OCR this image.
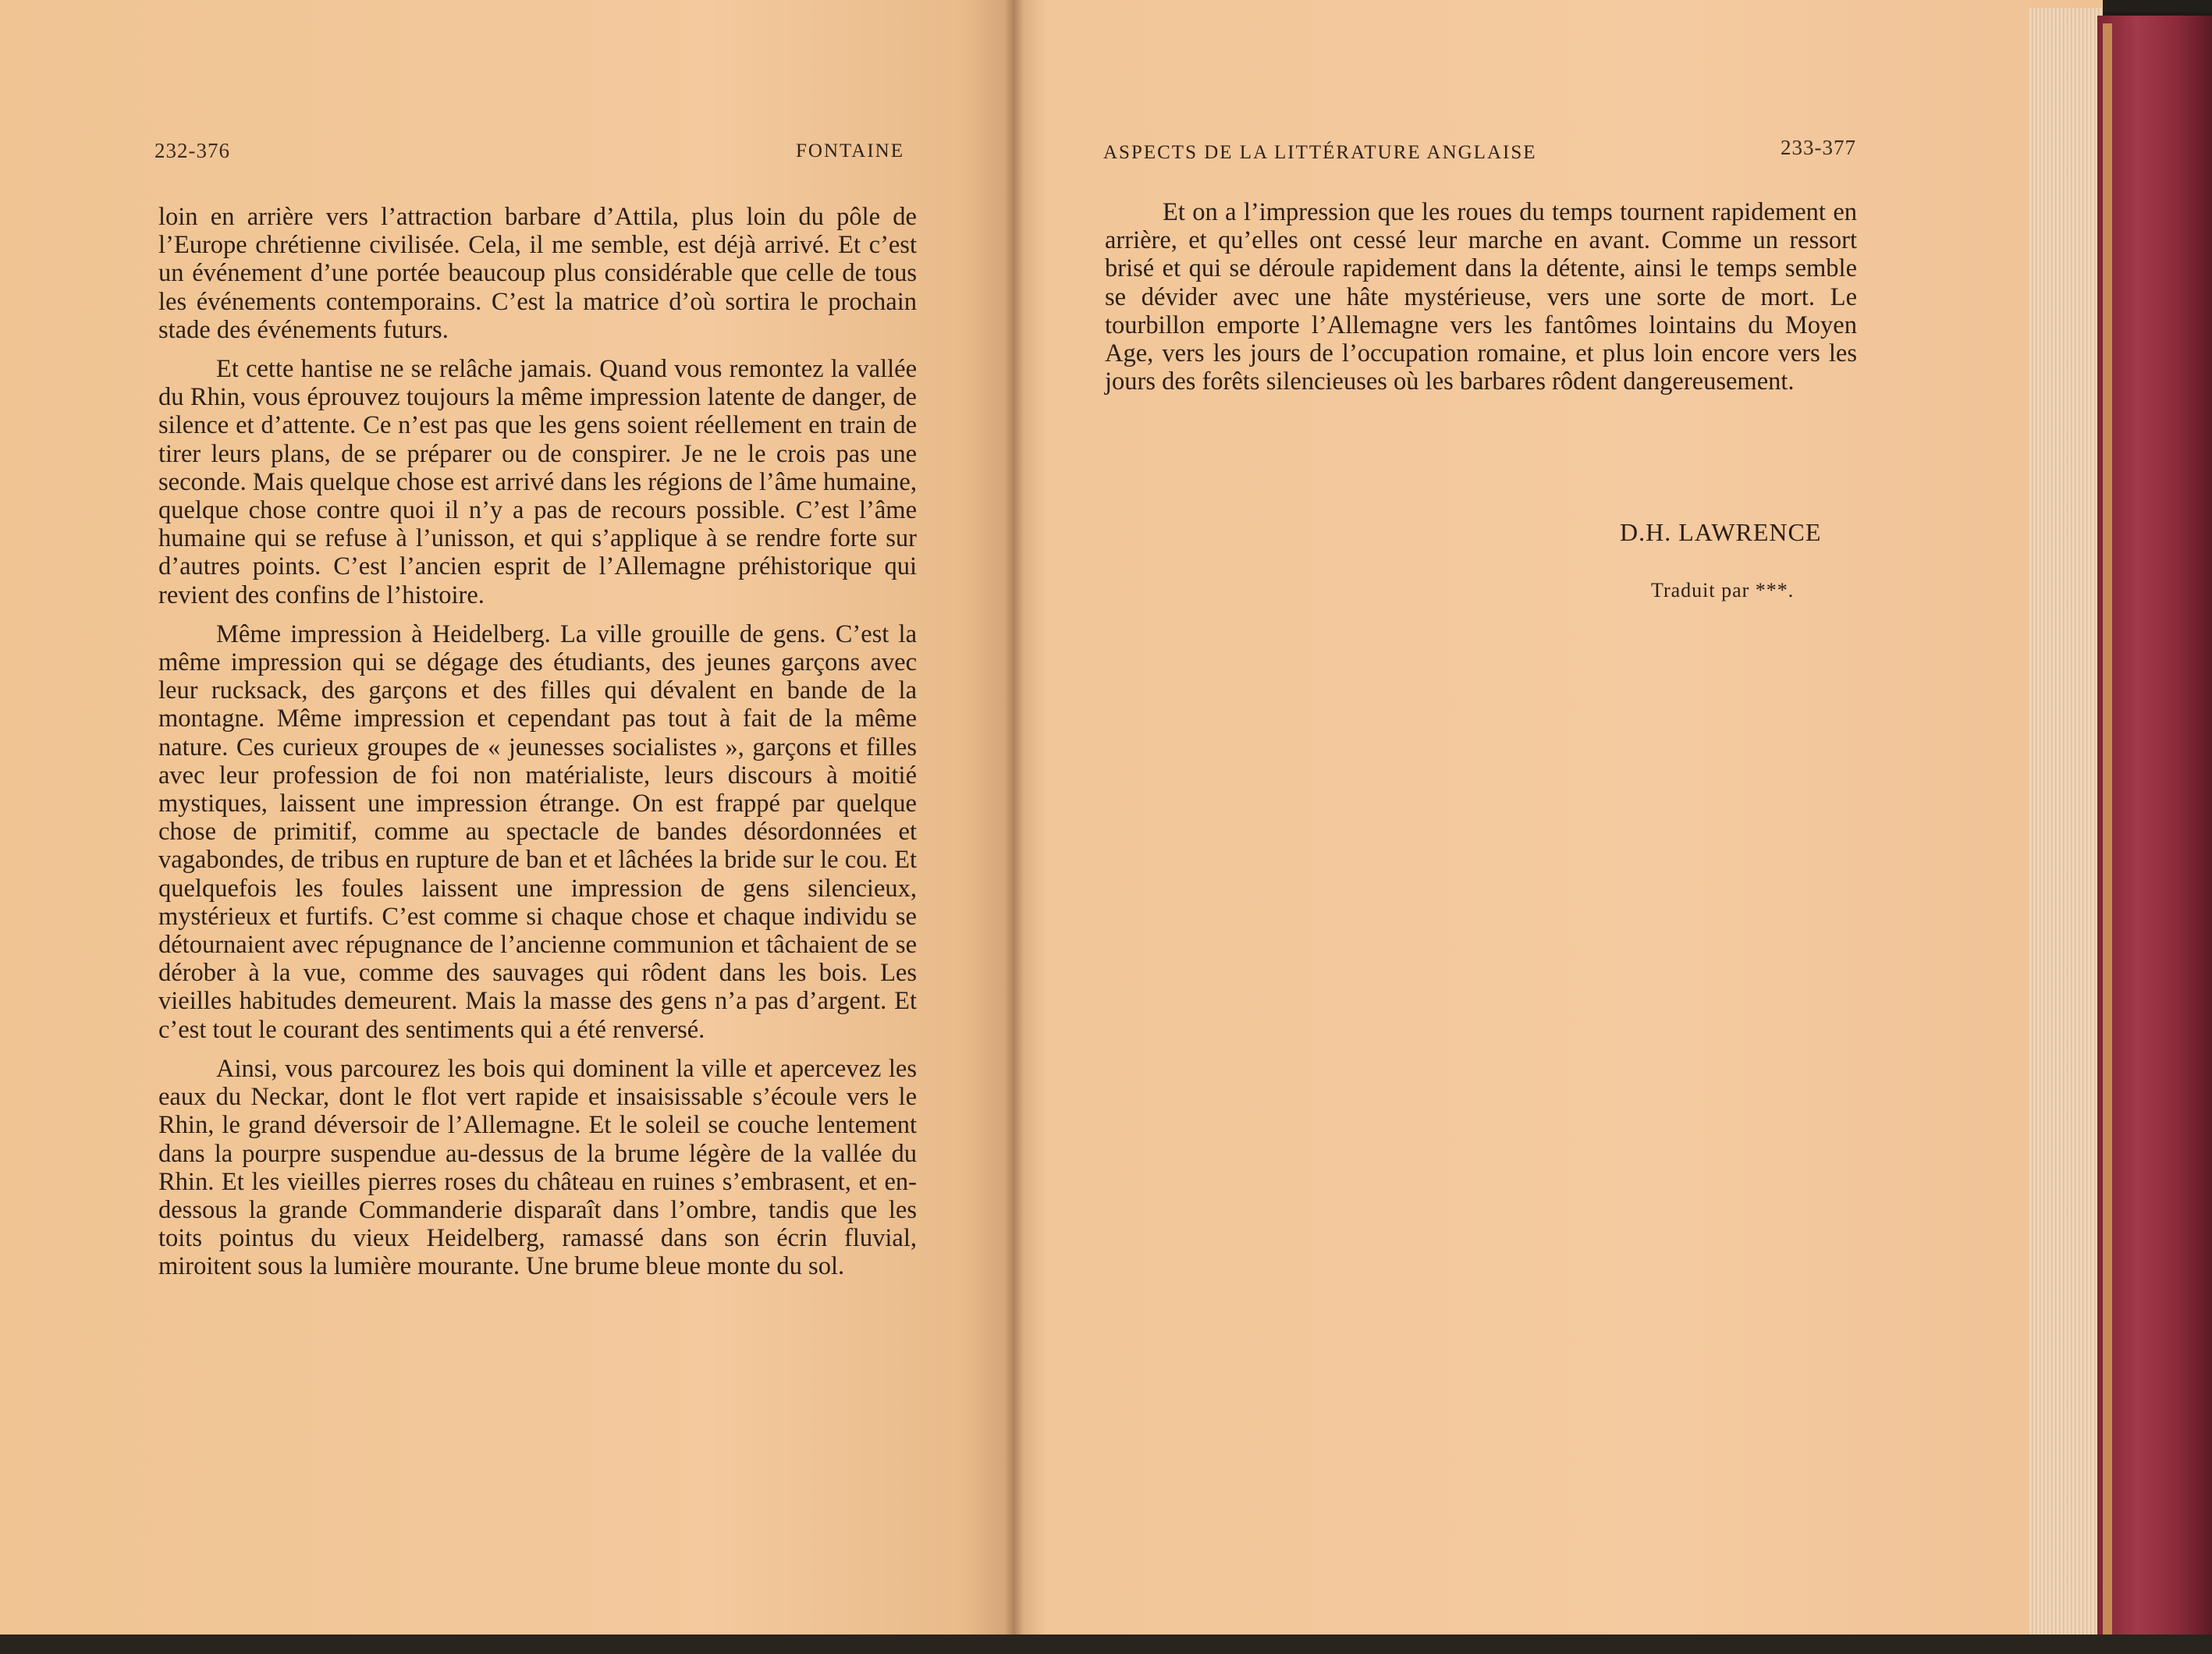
232-376	FONTAINE

loin en arrière vers l’attraction barbare d’Attila, plus loin du pôle de l’Europe chrétienne civilisée. Cela, il me semble, est déjà arrivé. Et c’est un événement d’une portée beaucoup plus considérable que celle de tous les événements contemporains. C’est la matrice d’où sortira le prochain stade des événements futurs.

Et cette hantise ne se relâche jamais. Quand vous remontez la vallée du Rhin, vous éprouvez toujours la même impression latente de danger, de silence et d’attente. Ce n’est pas que les gens soient réellement en train de tirer leurs plans, de se préparer ou de conspirer. Je ne le crois pas une seconde. Mais quelque chose est arrivé dans les régions de l’âme humaine, quelque chose contre quoi il n’y a pas de recours possible. C’est l’âme humaine qui se refuse à l’unisson, et qui s’applique à se rendre forte sur d’autres points. C’est l’ancien esprit de l’Allemagne préhistorique qui revient des confins de l’histoire.

Même impression à Heidelberg. La ville grouille de gens. C’est la même impression qui se dégage des étudiants, des jeunes garçons avec leur rucksack, des garçons et des filles qui dévalent en bande de la montagne. Même impression et cependant pas tout à fait de la même nature. Ces curieux groupes de « jeunesses socialistes », garçons et filles avec leur profession de foi non matérialiste, leurs discours à moitié mystiques, laissent une impression étrange. On est frappé par quelque chose de primitif, comme au spectacle de bandes désordonnées et vagabondes, de tribus en rupture de ban et et lâchées la bride sur le cou. Et quelquefois les foules laissent une impression de gens silencieux, mystérieux et furtifs. C’est comme si chaque chose et chaque individu se détournaient avec répugnance de l’ancienne communion et tâchaient de se dérober à la vue, comme des sauvages qui rôdent dans les bois. Les vieilles habitudes demeurent. Mais la masse des gens n’a pas d’argent. Et c’est tout le courant des sentiments qui a été renversé.

Ainsi, vous parcourez les bois qui dominent la ville et apercevez les eaux du Neckar, dont le flot vert rapide et insaisissable s’écoule vers le Rhin, le grand déversoir de l’Allemagne. Et le soleil se couche lentement dans la pourpre suspendue au-dessus de la brume légère de la vallée du Rhin. Et les vieilles pierres roses du château en ruines s’embrasent, et en-dessous la grande Commanderie disparaît dans l’ombre, tandis que les toits pointus du vieux Heidelberg, ramassé dans son écrin fluvial, miroitent sous la lumière mourante. Une brume bleue monte du sol.

ASPECTS DE LA LITTÉRATURE ANGLAISE	233-377

Et on a l’impression que les roues du temps tournent rapidement en arrière, et qu’elles ont cessé leur marche en avant. Comme un ressort brisé et qui se déroule rapidement dans la détente, ainsi le temps semble se dévider avec une hâte mystérieuse, vers une sorte de mort. Le tourbillon emporte l’Allemagne vers les fantômes lointains du Moyen Age, vers les jours de l’occupation romaine, et plus loin encore vers les jours des forêts silencieuses où les barbares rôdent dangereusement.

D.H. LAWRENCE
Traduit par ***.
